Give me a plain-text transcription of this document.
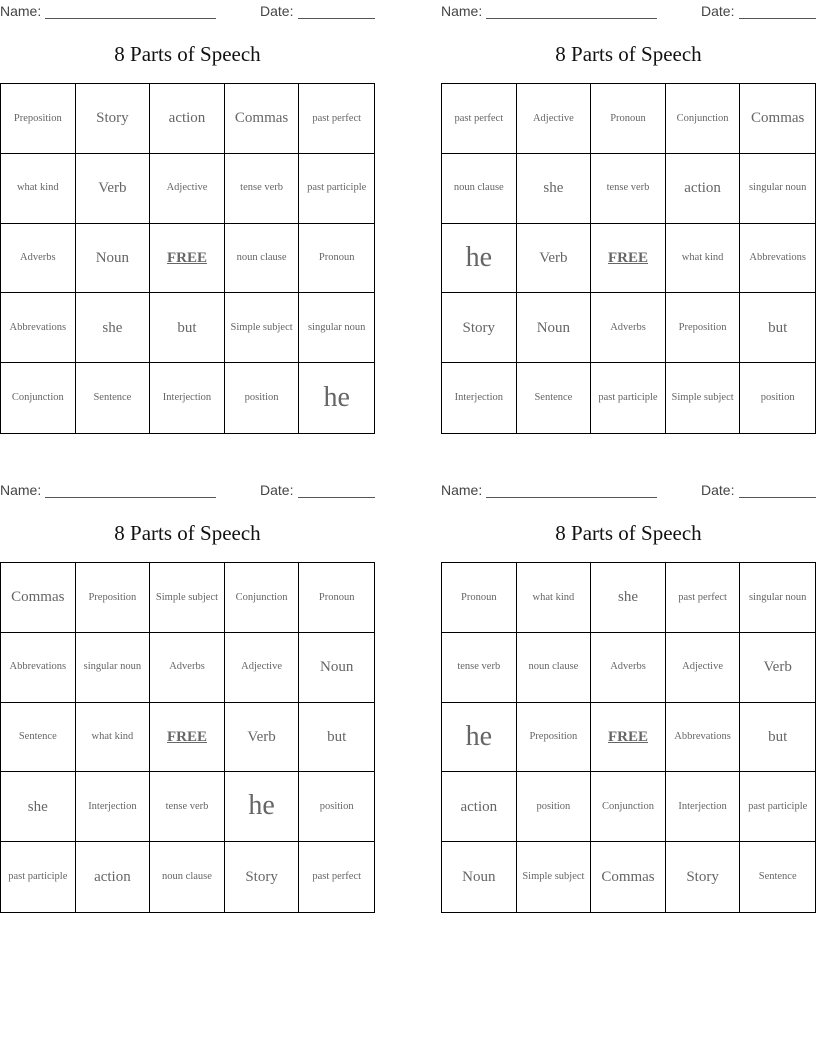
Name:	Date:
8 Parts of Speech
Preposition	Story	action	Commas	past perfect
what kind	Verb	Adjective	tense verb	past participle
Adverbs	Noun	FREE	noun clause	Pronoun
Abbrevations	she	but	Simple subject	singular noun
Conjunction	Sentence	Interjection	position	he
Name:	Date:
8 Parts of Speech
past perfect	Adjective	Pronoun	Conjunction	Commas
noun clause	she	tense verb	action	singular noun
he	Verb	FREE	what kind	Abbrevations
Story	Noun	Adverbs	Preposition	but
Interjection	Sentence	past participle	Simple subject	position
Name:	Date:
8 Parts of Speech
Commas	Preposition	Simple subject	Conjunction	Pronoun
Abbrevations	singular noun	Adverbs	Adjective	Noun
Sentence	what kind	FREE	Verb	but
she	Interjection	tense verb	he	position
past participle	action	noun clause	Story	past perfect
Name:	Date:
8 Parts of Speech
Pronoun	what kind	she	past perfect	singular noun
tense verb	noun clause	Adverbs	Adjective	Verb
he	Preposition	FREE	Abbrevations	but
action	position	Conjunction	Interjection	past participle
Noun	Simple subject	Commas	Story	Sentence
